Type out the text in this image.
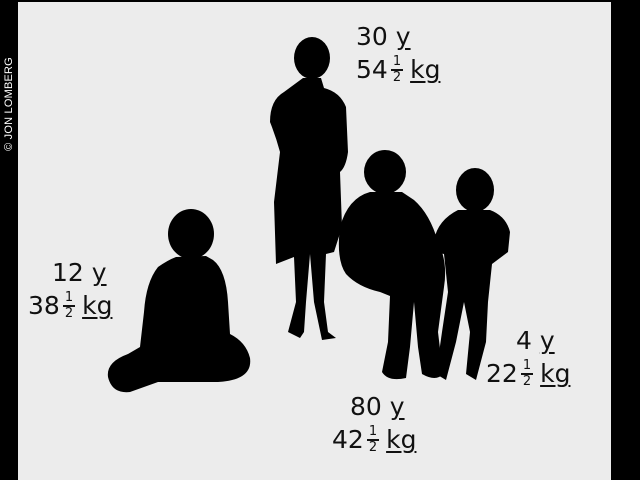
© JON LOMBERG
30 y
$54 \frac{1}{2}$ kg
12 y
$38 \frac{1}{2}$ kg
4 y
$22 \frac{1}{2}$ kg
80 y
$42 \frac{1}{2}$ kg
